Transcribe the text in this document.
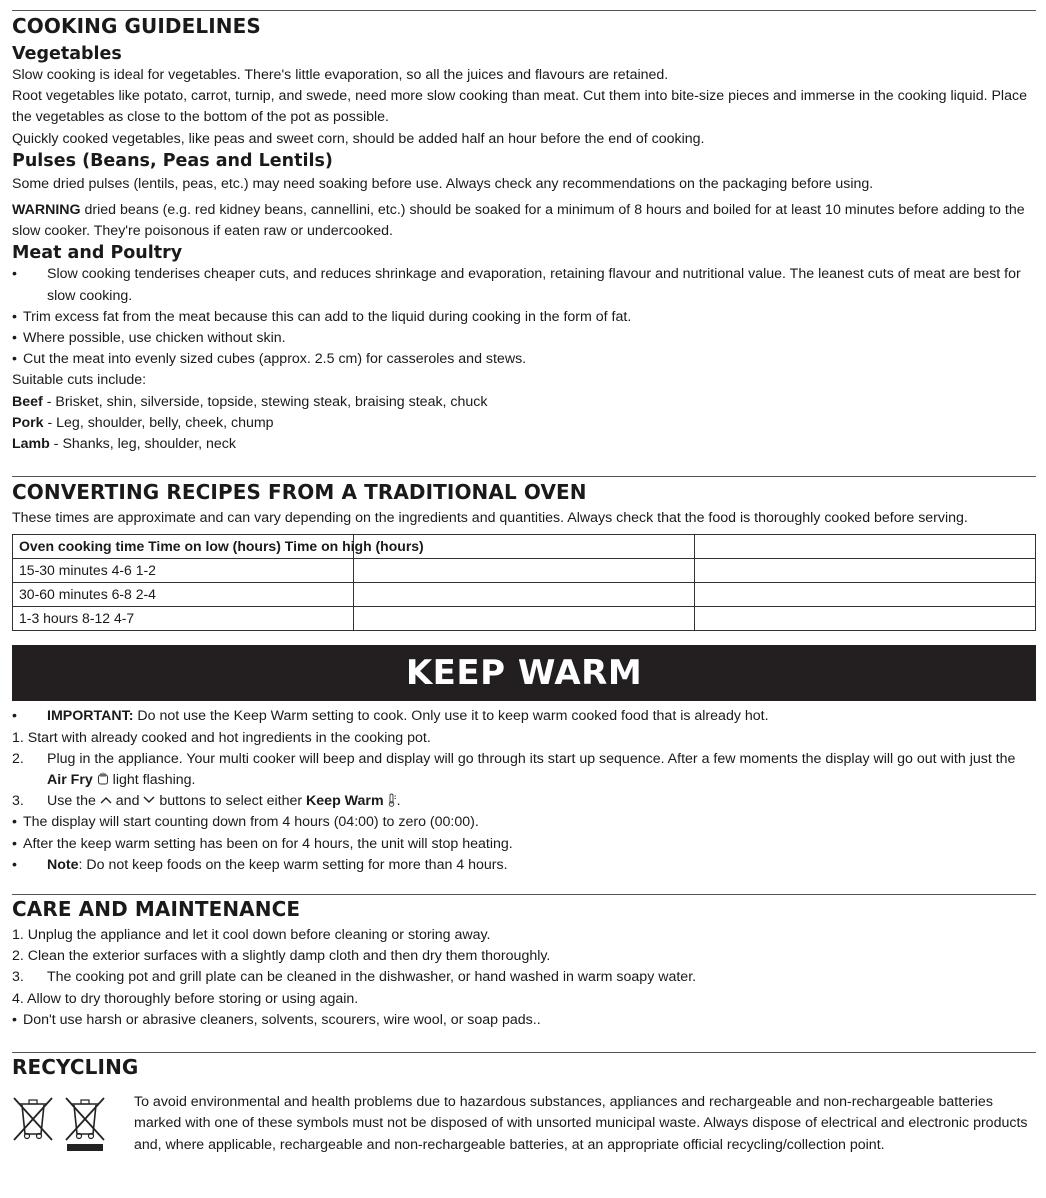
COOKING GUIDELINES
Vegetables

Slow cooking is ideal for vegetables. There's little evaporation, so all the juices and flavours are retained.

Root vegetables like potato, carrot, turnip, and swede, need more slow cooking than meat. Cut them into bite-size pieces and immerse in the cooking liquid. Place the vegetables as close to the bottom of the pot as possible.

Quickly cooked vegetables, like peas and sweet corn, should be added half an hour before the end of cooking.

Pulses (Beans, Peas and Lentils)

Some dried pulses (lentils, peas, etc.) may need soaking before use. Always check any recommendations on the packaging before using.

WARNING dried beans (e.g. red kidney beans, cannellini, etc.) should be soaked for a minimum of 8 hours and boiled for at least 10 minutes before adding to the slow cooker. They're poisonous if eaten raw or undercooked.

Meat and Poultry
• Slow cooking tenderises cheaper cuts, and reduces shrinkage and evaporation, retaining flavour and nutritional value. The leanest cuts of meat are best for slow cooking.
• Trim excess fat from the meat because this can add to the liquid during cooking in the form of fat.
• Where possible, use chicken without skin.
• Cut the meat into evenly sized cubes (approx. 2.5 cm) for casseroles and stews.

Suitable cuts include:

Beef - Brisket, shin, silverside, topside, stewing steak, braising steak, chuck

Pork - Leg, shoulder, belly, cheek, chump

Lamb - Shanks, leg, shoulder, neck

CONVERTING RECIPES FROM A TRADITIONAL OVEN

These times are approximate and can vary depending on the ingredients and quantities. Always check that the food is thoroughly cooked before serving.

Oven cooking time Time on low (hours) Time on high (hours)		
15-30 minutes 4-6 1-2		
30-60 minutes 6-8 2-4		
1-3 hours 8-12 4-7		
KEEP WARM
• IMPORTANT: Do not use the Keep Warm setting to cook. Only use it to keep warm cooked food that is already hot.
1. Start with already cooked and hot ingredients in the cooking pot.
2. Plug in the appliance. Your multi cooker will beep and display will go through its start up sequence. After a few moments the display will go out with just the Air Fry light flashing.
3. Use the  and  buttons to select either Keep Warm .
• The display will start counting down from 4 hours (04:00) to zero (00:00).
• After the keep warm setting has been on for 4 hours, the unit will stop heating.
• Note: Do not keep foods on the keep warm setting for more than 4 hours.
CARE AND MAINTENANCE
1. Unplug the appliance and let it cool down before cleaning or storing away.
2. Clean the exterior surfaces with a slightly damp cloth and then dry them thoroughly.
3. The cooking pot and grill plate can be cleaned in the dishwasher, or hand washed in warm soapy water.
4. Allow to dry thoroughly before storing or using again.
• Don't use harsh or abrasive cleaners, solvents, scourers, wire wool, or soap pads..
RECYCLING
To avoid environmental and health problems due to hazardous substances, appliances and rechargeable and non-rechargeable batteries marked with one of these symbols must not be disposed of with unsorted municipal waste. Always dispose of electrical and electronic products and, where applicable, rechargeable and non-rechargeable batteries, at an appropriate official recycling/collection point.
